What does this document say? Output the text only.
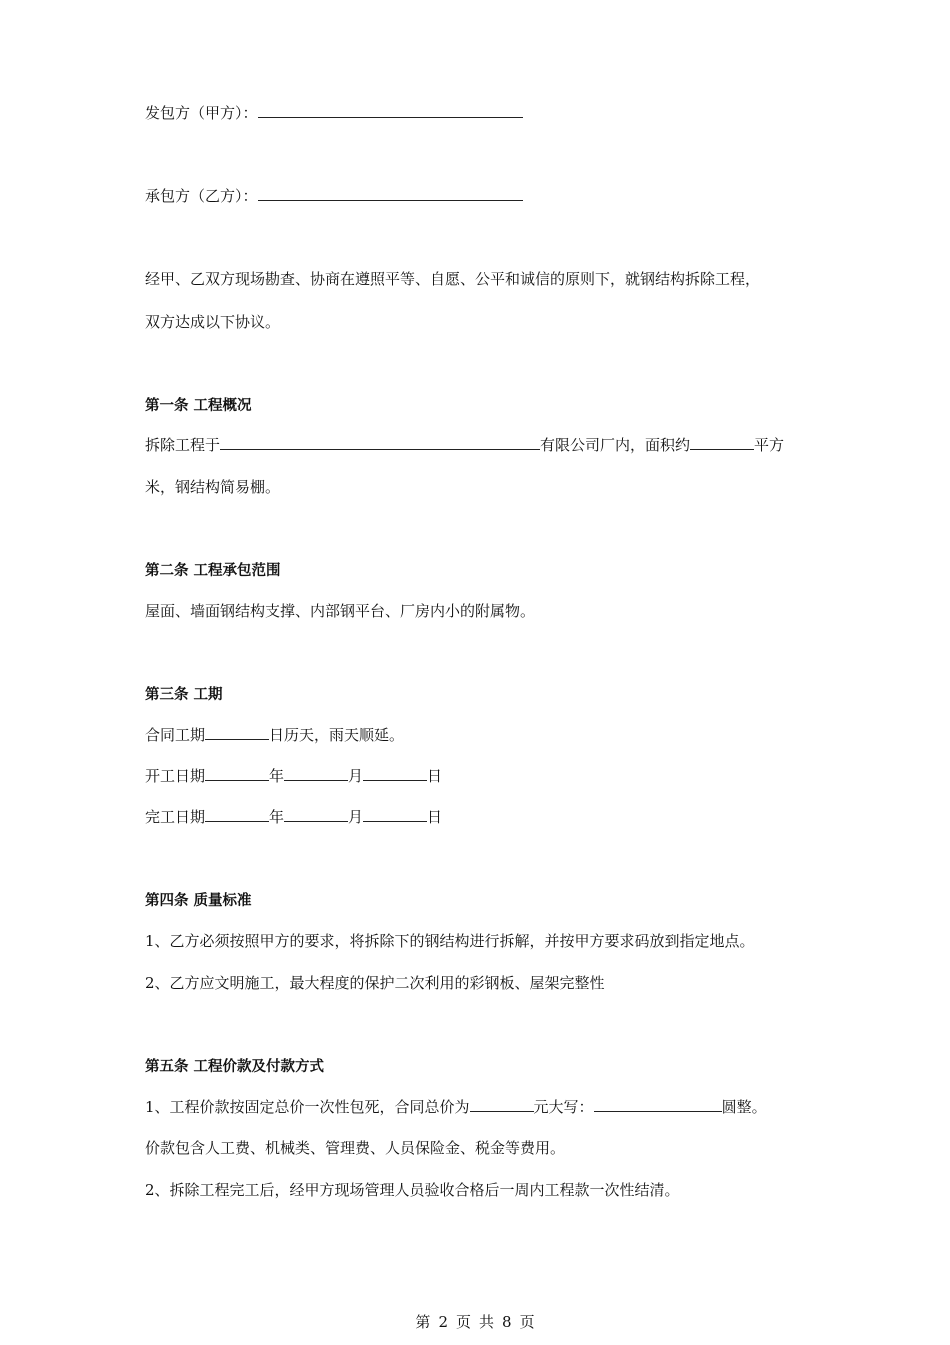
发包方（甲方）：
承包方（乙方）：
经甲、乙双方现场勘查、协商在遵照平等、自愿、公平和诚信的原则下，就钢结构拆除工程，
双方达成以下协议。
第一条 工程概况
拆除工程于	有限公司厂内，面积约	平方
米，钢结构简易棚。
第二条 工程承包范围
屋面、墙面钢结构支撑、内部钢平台、厂房内小的附属物。
第三条 工期
合同工期	日历天，雨天顺延。
开工日期	年	月	日
完工日期	年	月	日
第四条 质量标准
1、乙方必须按照甲方的要求，将拆除下的钢结构进行拆解，并按甲方要求码放到指定地点。
2、乙方应文明施工，最大程度的保护二次利用的彩钢板、屋架完整性
第五条 工程价款及付款方式
1、工程价款按固定总价一次性包死，合同总价为	元大写：	圆整。
价款包含人工费、机械类、管理费、人员保险金、税金等费用。
2、拆除工程完工后，经甲方现场管理人员验收合格后一周内工程款一次性结清。
第 2 页 共 8 页
